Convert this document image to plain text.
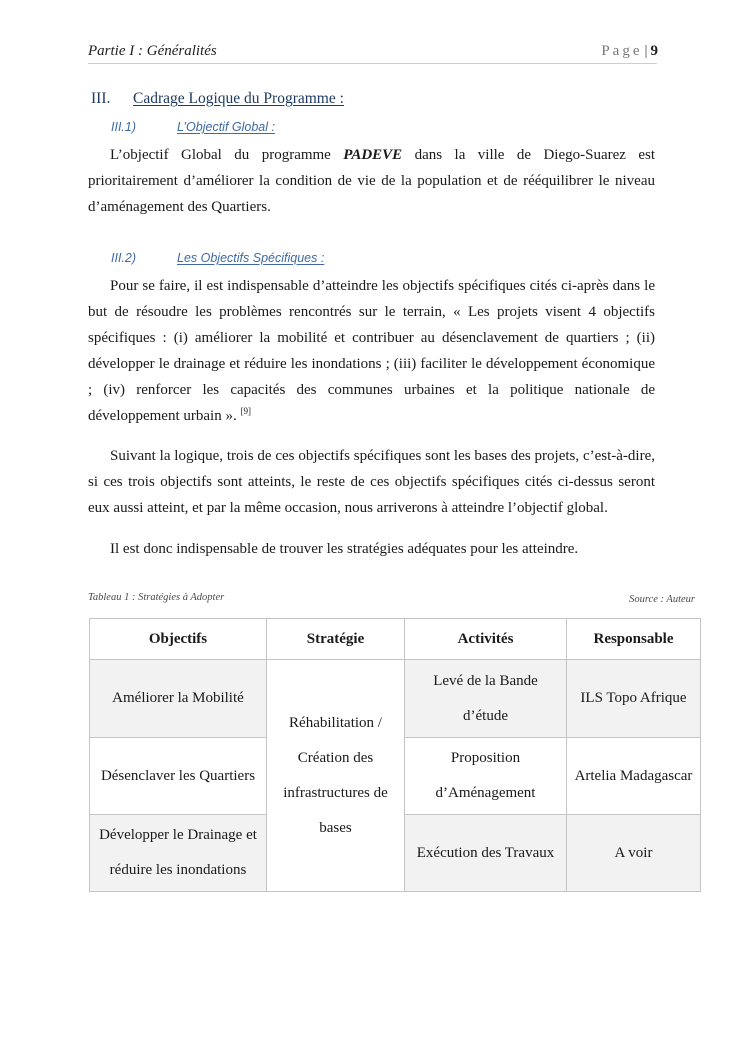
Partie I : Généralités	Page | 9
III. Cadrage Logique du Programme :
III.1)	L’Objectif Global :

L’objectif Global du programme PADEVE dans la ville de Diego-Suarez est prioritairement d’améliorer la condition de vie de la population et de rééquilibrer le niveau d’aménagement des Quartiers.

III.2)	Les Objectifs Spécifiques :

Pour se faire, il est indispensable d’atteindre les objectifs spécifiques cités ci-après dans le but de résoudre les problèmes rencontrés sur le terrain, « Les projets visent 4 objectifs spécifiques : (i) améliorer la mobilité et contribuer au désenclavement de quartiers ; (ii) développer le drainage et réduire les inondations ; (iii) faciliter le développement économique ; (iv) renforcer les capacités des communes urbaines et la politique nationale de développement urbain ». [9]

Suivant la logique, trois de ces objectifs spécifiques sont les bases des projets, c’est-à-dire, si ces trois objectifs sont atteints, le reste de ces objectifs spécifiques cités ci-dessus seront eux aussi atteint, et par la même occasion, nous arriverons à atteindre l’objectif global.

Il est donc indispensable de trouver les stratégies adéquates pour les atteindre.

Tableau 1 : Stratégies à Adopter	Source : Auteur
Objectifs	Stratégie	Activités	Responsable
Améliorer la Mobilité	Réhabilitation / Création des infrastructures de bases	Levé de la Bande d’étude	ILS Topo Afrique
Désenclaver les Quartiers		Proposition d’Aménagement	Artelia Madagascar
Développer le Drainage et réduire les inondations		Exécution des Travaux	A voir
